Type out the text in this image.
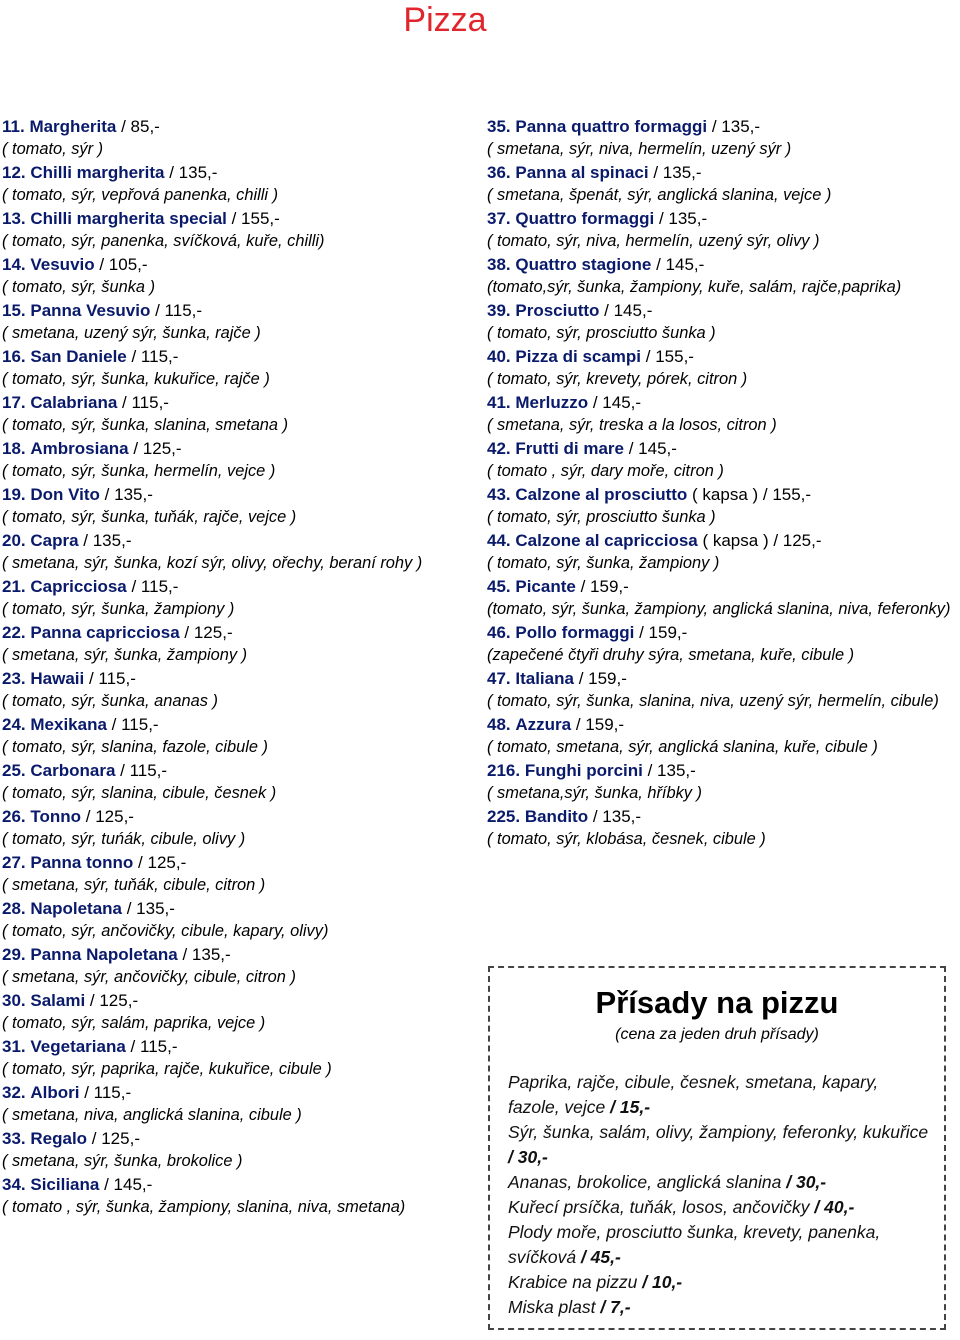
Pizza
11. Margherita / 85,-
( tomato, sýr )
12. Chilli margherita / 135,-
( tomato, sýr, vepřová panenka, chilli )
13. Chilli margherita special / 155,-
( tomato, sýr, panenka, svíčková, kuře, chilli)
14. Vesuvio / 105,-
( tomato, sýr, šunka )
15. Panna Vesuvio / 115,-
( smetana, uzený sýr, šunka, rajče )
16. San Daniele / 115,-
( tomato, sýr, šunka, kukuřice, rajče )
17. Calabriana / 115,-
( tomato, sýr, šunka, slanina, smetana )
18. Ambrosiana / 125,-
( tomato, sýr, šunka, hermelín, vejce )
19. Don Vito / 135,-
( tomato, sýr, šunka, tuňák, rajče, vejce )
20. Capra / 135,-
( smetana, sýr, šunka, kozí sýr, olivy, ořechy, beraní rohy )
21. Capricciosa / 115,-
( tomato, sýr, šunka, žampiony )
22. Panna capricciosa / 125,-
( smetana, sýr, šunka, žampiony )
23. Hawaii / 115,-
( tomato, sýr, šunka, ananas )
24. Mexikana / 115,-
( tomato, sýr, slanina, fazole, cibule )
25. Carbonara / 115,-
( tomato, sýr, slanina, cibule, česnek )
26. Tonno / 125,-
( tomato, sýr, tuńák, cibule, olivy )
27. Panna tonno / 125,-
( smetana, sýr, tuňák, cibule, citron )
28. Napoletana / 135,-
( tomato, sýr, ančovičky, cibule, kapary, olivy)
29. Panna Napoletana / 135,-
( smetana, sýr, ančovičky, cibule, citron )
30. Salami / 125,-
( tomato, sýr, salám, paprika, vejce )
31. Vegetariana / 115,-
( tomato, sýr, paprika, rajče, kukuřice, cibule )
32. Albori / 115,-
( smetana, niva, anglická slanina, cibule )
33. Regalo / 125,-
( smetana, sýr, šunka, brokolice )
34. Siciliana / 145,-
( tomato , sýr, šunka, žampiony, slanina, niva, smetana)
35. Panna quattro formaggi / 135,-
( smetana, sýr, niva, hermelín, uzený sýr )
36. Panna al spinaci / 135,-
( smetana, špenát, sýr, anglická slanina, vejce )
37. Quattro formaggi / 135,-
( tomato, sýr, niva, hermelín, uzený sýr, olivy )
38. Quattro stagione / 145,-
(tomato,sýr, šunka, žampiony, kuře, salám, rajče,paprika)
39. Prosciutto / 145,-
( tomato, sýr, prosciutto šunka )
40. Pizza di scampi / 155,-
( tomato, sýr, krevety, pórek, citron )
41. Merluzzo / 145,-
( smetana, sýr, treska a la losos, citron )
42. Frutti di mare / 145,-
( tomato , sýr, dary moře, citron )
43. Calzone al prosciutto ( kapsa ) / 155,-
( tomato, sýr, prosciutto šunka )
44. Calzone al capricciosa ( kapsa ) / 125,-
( tomato, sýr, šunka, žampiony )
45. Picante / 159,-
(tomato, sýr, šunka, žampiony, anglická slanina, niva, feferonky)
46. Pollo formaggi / 159,-
(zapečené čtyři druhy sýra, smetana, kuře, cibule )
47. Italiana / 159,-
( tomato, sýr, šunka, slanina, niva, uzený sýr, hermelín, cibule)
48. Azzura / 159,-
( tomato, smetana, sýr, anglická slanina, kuře, cibule )
216. Funghi porcini / 135,-
( smetana,sýr, šunka, hříbky )
225. Bandito / 135,-
( tomato, sýr, klobása, česnek, cibule )
Přísady na pizzu
(cena za jeden druh přísady)
Paprika, rajče, cibule, česnek, smetana, kapary, fazole, vejce / 15,-
Sýr, šunka, salám, olivy, žampiony, feferonky, kukuřice / 30,-
Ananas, brokolice, anglická slanina / 30,-
Kuřecí prsíčka, tuňák, losos, ančovičky / 40,-
Plody moře, prosciutto šunka, krevety, panenka, svíčková / 45,-
Krabice na pizzu / 10,-
Miska plast / 7,-
